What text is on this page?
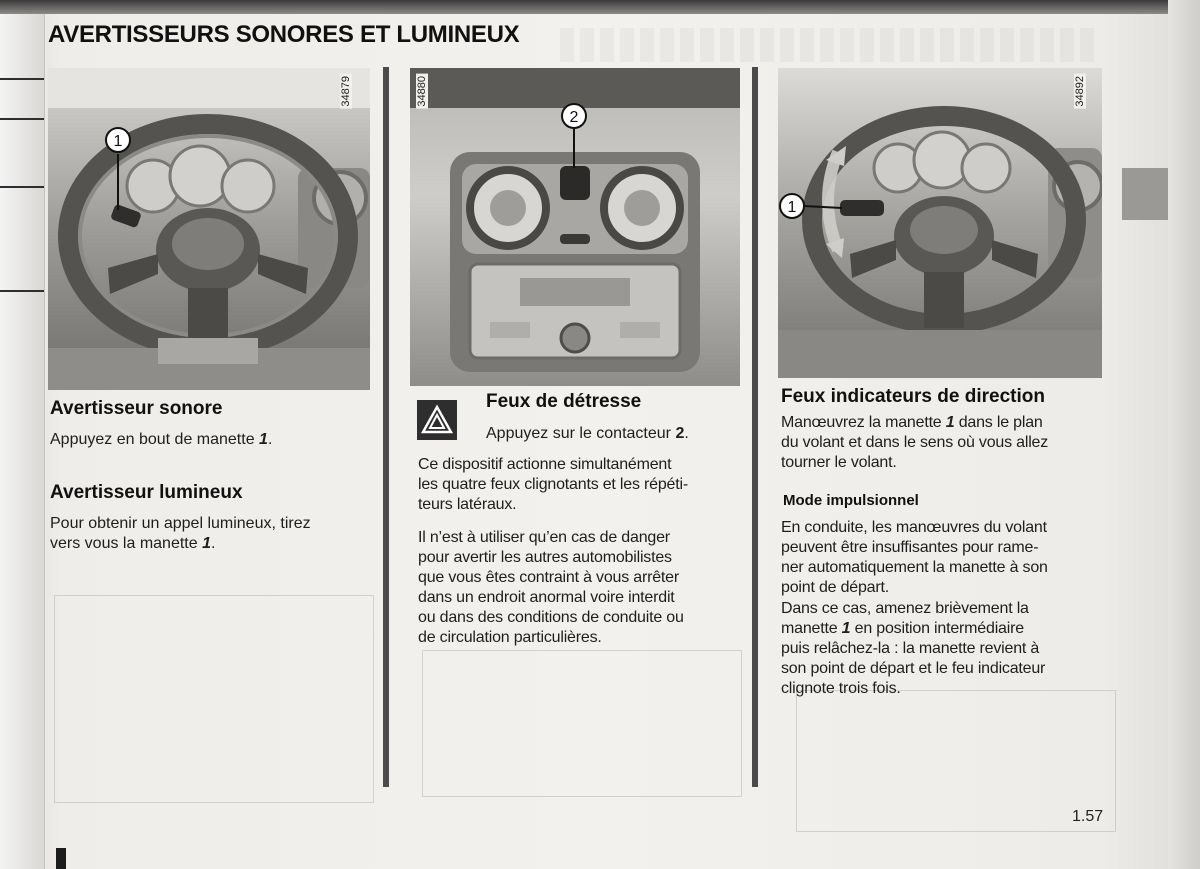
AVERTISSEURS SONORES ET LUMINEUX
1
34879
2
34880
1
34892
Avertisseur sonore
Appuyez en bout de manette 1.
Avertisseur lumineux
Pour obtenir un appel lumineux, tirez
vers vous la manette 1.
Feux de détresse
Appuyez sur le contacteur 2.
Ce dispositif actionne simultanément
les quatre feux clignotants et les répéti-
teurs latéraux.
Il n’est à utiliser qu’en cas de danger
pour avertir les autres automobilistes
que vous êtes contraint à vous arrêter
dans un endroit anormal voire interdit
ou dans des conditions de conduite ou
de circulation particulières.
Feux indicateurs de direction
Manœuvrez la manette 1 dans le plan
du volant et dans le sens où vous allez
tourner le volant.
Mode impulsionnel
En conduite, les manœuvres du volant
peuvent être insuffisantes pour rame-
ner automatiquement la manette à son
point de départ.
Dans ce cas, amenez brièvement la
manette 1 en position intermédiaire
puis relâchez-la : la manette revient à
son point de départ et le feu indicateur
clignote trois fois.
1.57
